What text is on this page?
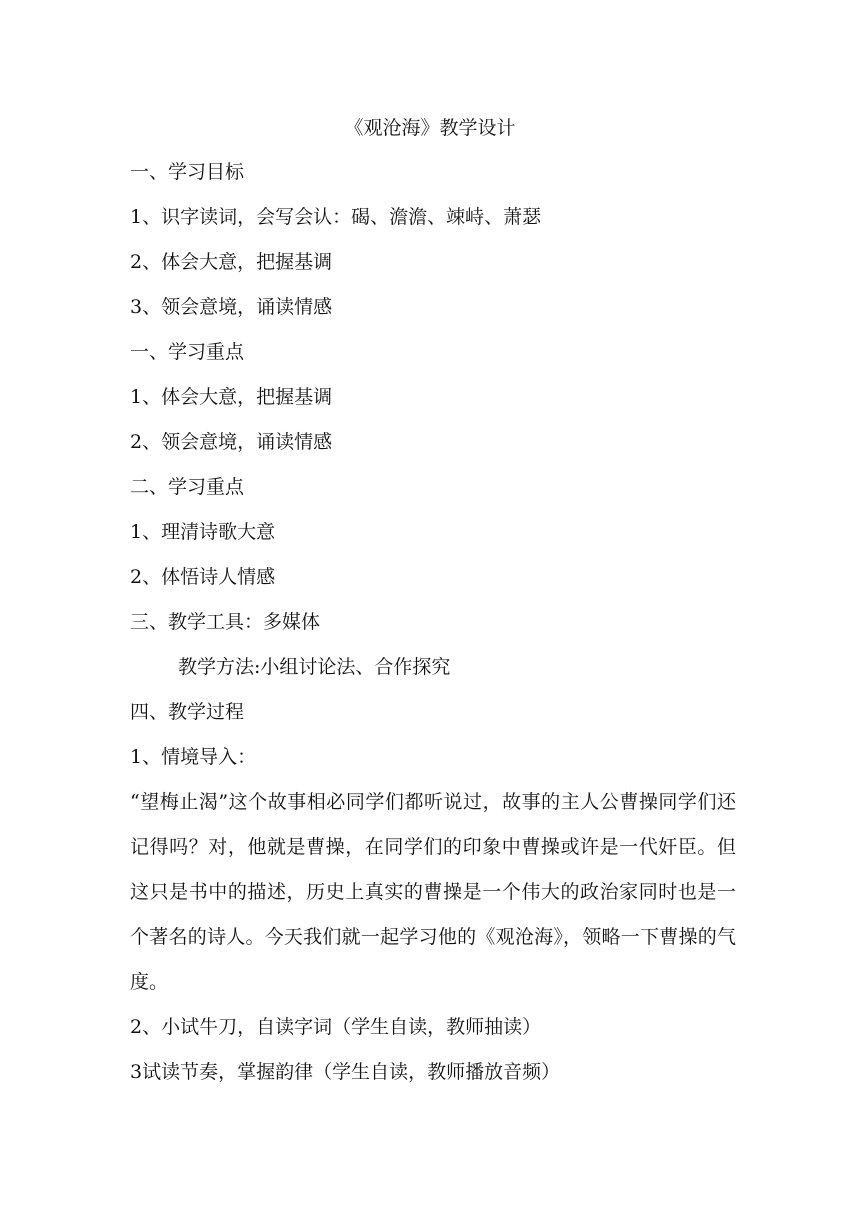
《观沧海》教学设计

一、学习目标

1、识字读词，会写会认：碣、澹澹、竦峙、萧瑟

2、体会大意，把握基调

3、领会意境，诵读情感

一、学习重点

1、体会大意，把握基调

2、领会意境，诵读情感

二、学习重点

1、理清诗歌大意

2、体悟诗人情感

三、教学工具：多媒体

教学方法:小组讨论法、合作探究

四、教学过程

1、情境导入：

“望梅止渴”这个故事相必同学们都听说过，故事的主人公曹操同学们还记得吗？对，他就是曹操，在同学们的印象中曹操或许是一代奸臣。但这只是书中的描述，历史上真实的曹操是一个伟大的政治家同时也是一个著名的诗人。今天我们就一起学习他的《观沧海》，领略一下曹操的气度。

2、小试牛刀，自读字词（学生自读，教师抽读）

3试读节奏，掌握韵律（学生自读，教师播放音频）
